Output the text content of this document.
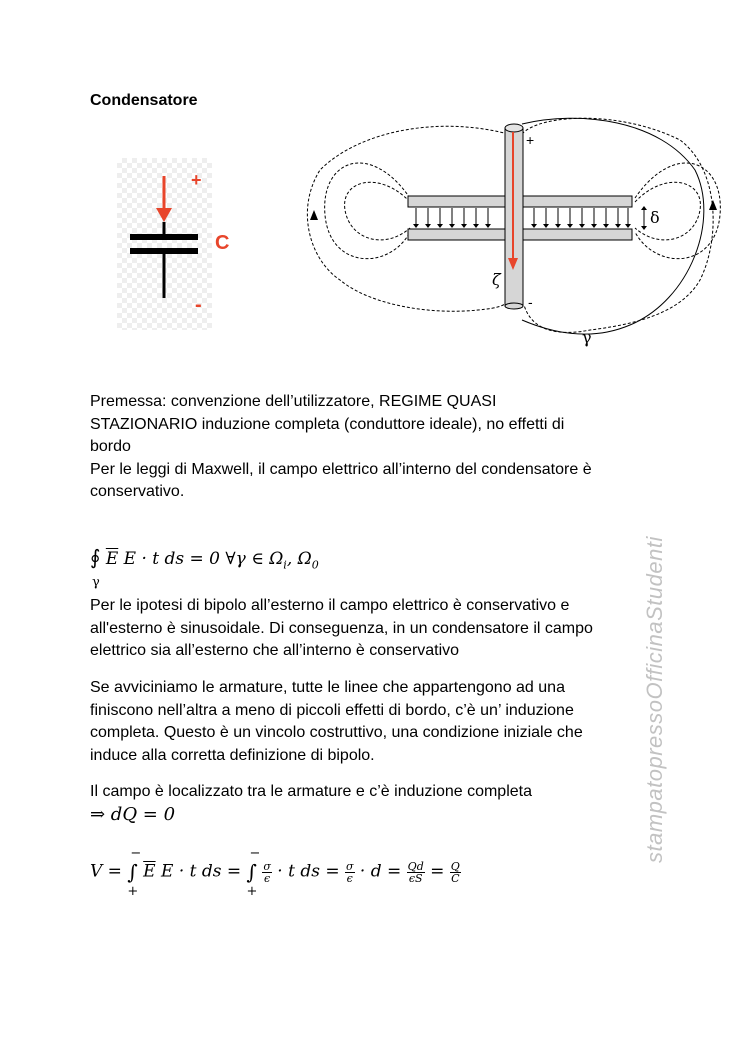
Condensatore
+
C
-
+
-
δ
ζ
γ
Premessa: convenzione dell’utilizzatore, REGIME QUASI
STAZIONARIO induzione completa (conduttore ideale), no effetti di
bordo
Per le leggi di Maxwell, il campo elettrico all’interno del condensatore è
conservativo.
∮ $\overline{E}$ E · t ds = 0 ∀γ ∈ $\Omega_i$, $\Omega_0$
γ
Per le ipotesi di bipolo all’esterno il campo elettrico è conservativo e
all'esterno è sinusoidale. Di conseguenza, in un condensatore il campo
elettrico sia all’esterno che all’interno è conservativo
Se avviciniamo le armature, tutte le linee che appartengono ad una
finiscono nell’altra a meno di piccoli effetti di bordo, c’è un’ induzione
completa. Questo è un vincolo costruttivo, una condizione iniziale che
induce alla corretta definizione di bipolo.
Il campo è localizzato tra le armature e c’è induzione completa
⇒ dQ = 0
V =
−
∫
+
$\overline{E}$ E · t ds =
−
∫
+

$\frac{\sigma}{\epsilon} \cdot t$ ds = $\frac{\sigma}{\epsilon} \cdot d = \frac{Qd}{\epsilon S} = \frac{Q}{C}$
stampatopressoOfficinaStudenti
